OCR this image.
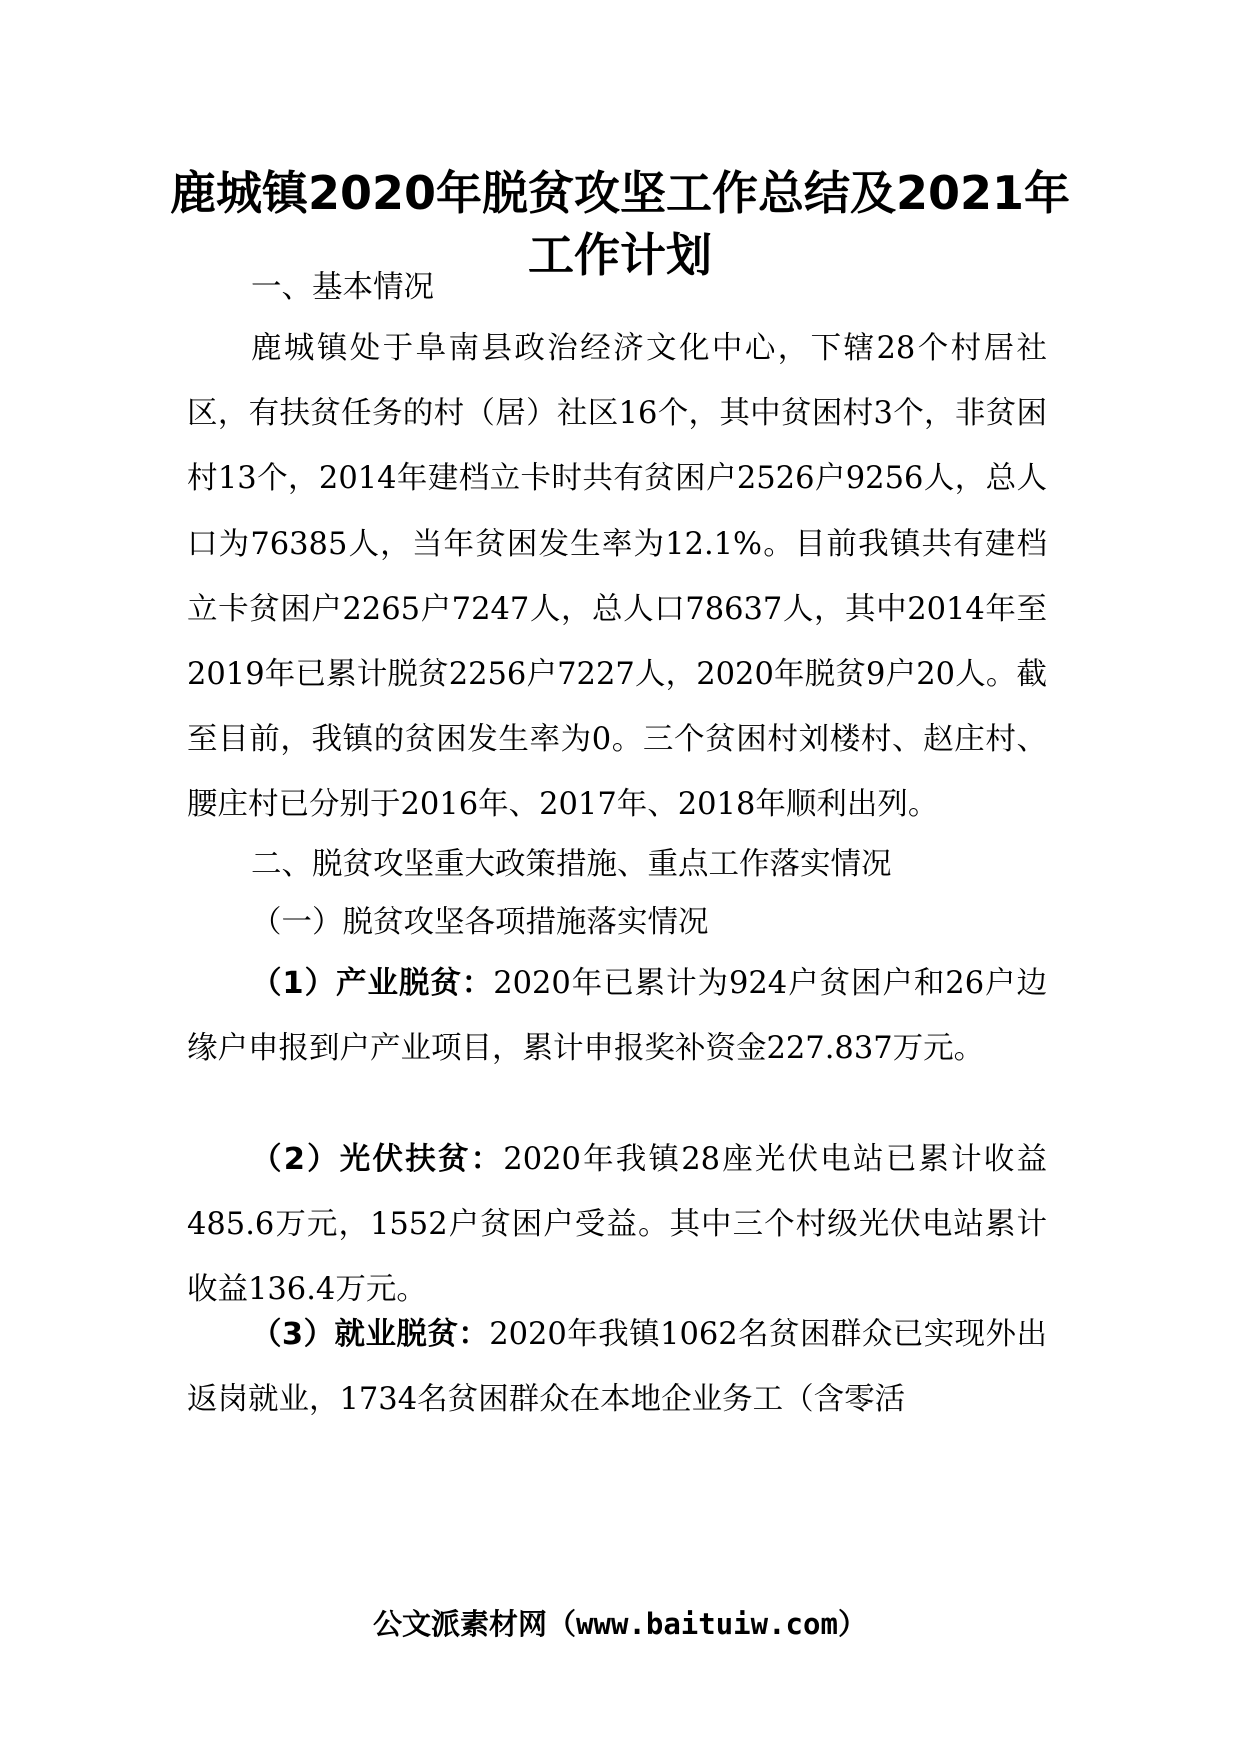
鹿城镇2020年脱贫攻坚工作总结及2021年
工作计划
一、基本情况
鹿城镇处于阜南县政治经济文化中心，下辖28个村居社区，有扶贫任务的村（居）社区16个，其中贫困村3个，非贫困村13个，2014年建档立卡时共有贫困户2526户9256人，总人口为76385人，当年贫困发生率为12.1%。目前我镇共有建档立卡贫困户2265户7247人，总人口78637人，其中2014年至2019年已累计脱贫2256户7227人，2020年脱贫9户20人。截至目前，我镇的贫困发生率为0。三个贫困村刘楼村、赵庄村、腰庄村已分别于2016年、2017年、2018年顺利出列。
二、脱贫攻坚重大政策措施、重点工作落实情况
（一）脱贫攻坚各项措施落实情况
（1）产业脱贫：2020年已累计为924户贫困户和26户边缘户申报到户产业项目，累计申报奖补资金227.837万元。
（2）光伏扶贫：2020年我镇28座光伏电站已累计收益485.6万元，1552户贫困户受益。其中三个村级光伏电站累计收益136.4万元。
（3）就业脱贫：2020年我镇1062名贫困群众已实现外出返岗就业，1734名贫困群众在本地企业务工（含零活
公文派素材网（www.baituiw.com）
